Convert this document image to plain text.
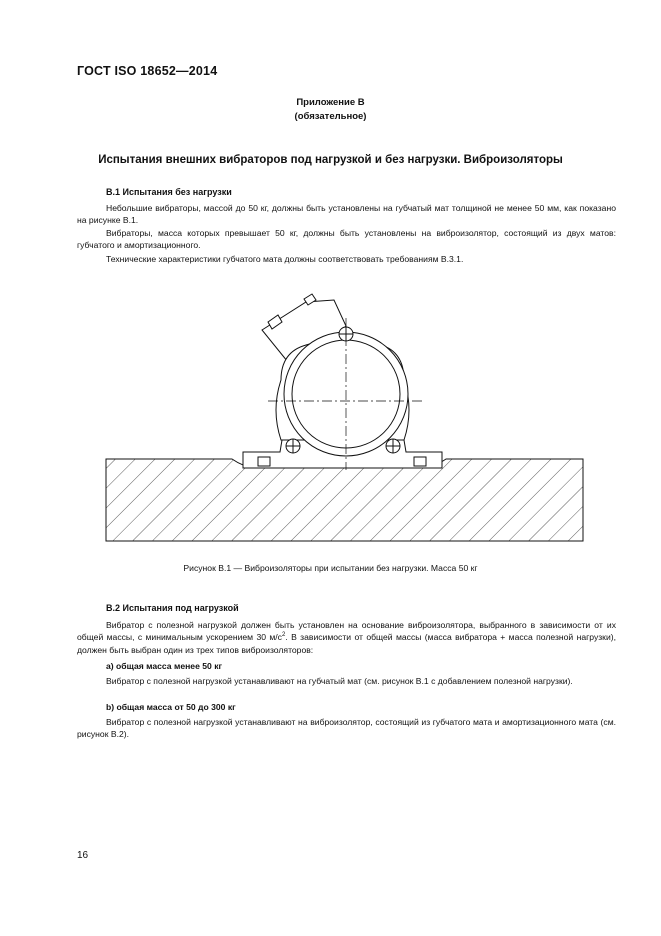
ГОСТ ISO 18652—2014
Приложение В
(обязательное)
Испытания внешних вибраторов под нагрузкой и без нагрузки. Виброизоляторы
В.1 Испытания без нагрузки
Небольшие вибраторы, массой до 50 кг, должны быть установлены на губчатый мат толщиной не менее 50 мм, как показано на рисунке В.1.
Вибраторы, масса которых превышает 50 кг, должны быть установлены на виброизолятор, состоящий из двух матов: губчатого и амортизационного.
Технические характеристики губчатого мата должны соответствовать требованиям В.3.1.
Рисунок В.1 — Виброизоляторы при испытании без нагрузки. Масса 50 кг
В.2 Испытания под нагрузкой
Вибратор с полезной нагрузкой должен быть установлен на основание виброизолятора, выбранного в зависимости от их общей массы, с минимальным ускорением 30 $м/с^2$. В зависимости от общей массы (масса вибратора + масса полезной нагрузки), должен быть выбран один из трех типов виброизоляторов:
а) общая масса менее 50 кг
Вибратор с полезной нагрузкой устанавливают на губчатый мат (см. рисунок В.1 с добавлением полезной нагрузки).
b) общая масса от 50 до 300 кг
Вибратор с полезной нагрузкой устанавливают на виброизолятор, состоящий из губчатого мата и амортизационного мата (см. рисунок В.2).
16
